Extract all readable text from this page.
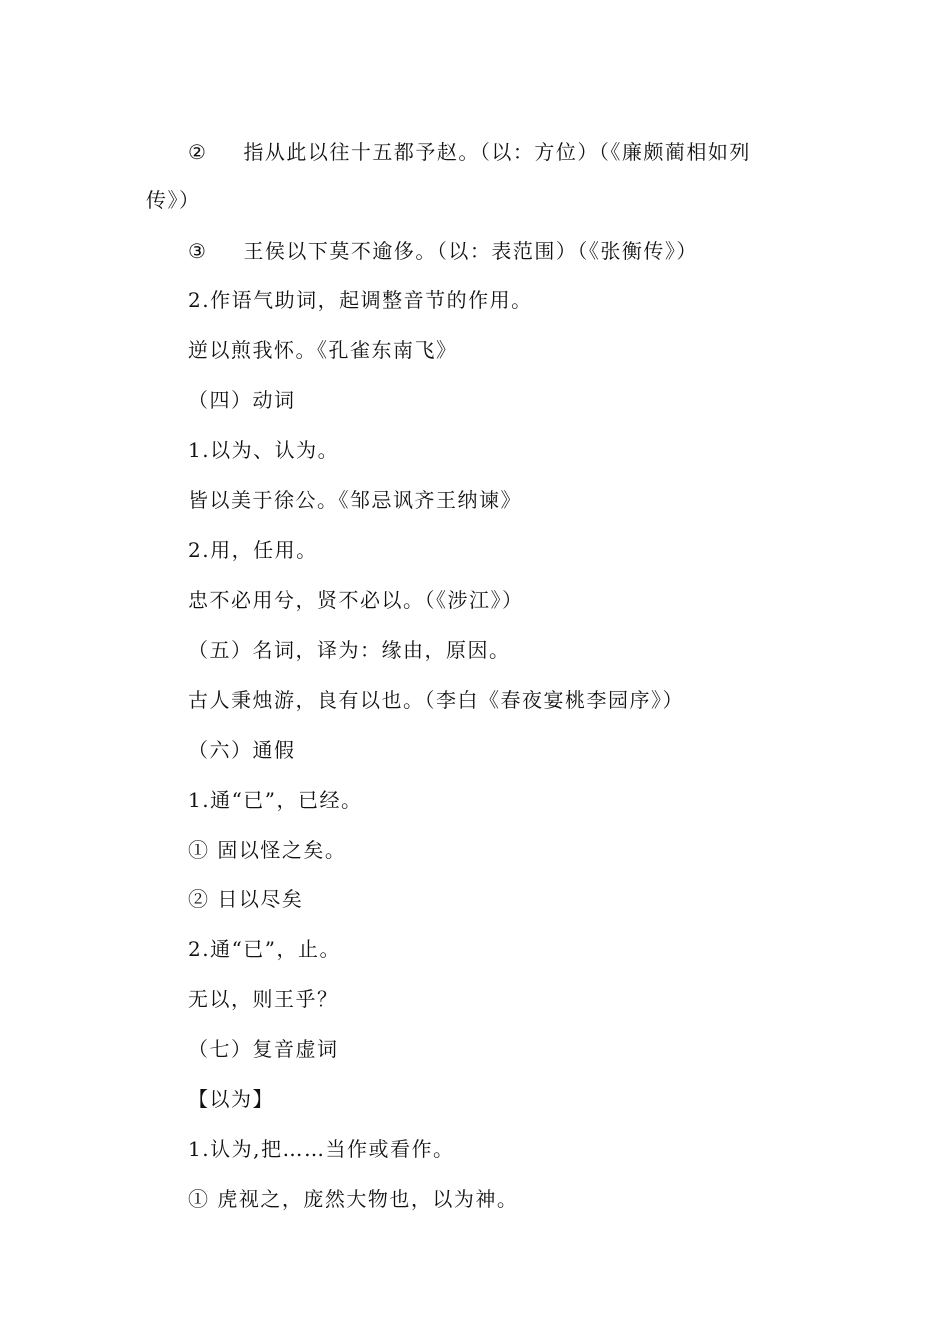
② 指从此以往十五都予赵。（以：方位）（《廉颇蔺相如列
传》）
③ 王侯以下莫不逾侈。（以：表范围）（《张衡传》）
2.作语气助词，起调整音节的作用。
逆以煎我怀。《孔雀东南飞》
（四）动词
1.以为、认为。
皆以美于徐公。《邹忌讽齐王纳谏》
2.用，任用。
忠不必用兮，贤不必以。（《涉江》）
（五）名词，译为：缘由，原因。
古人秉烛游，良有以也。（李白《春夜宴桃李园序》）
（六）通假
1.通“已”，已经。
① 固以怪之矣。
② 日以尽矣
2.通“已”，止。
无以，则王乎？
（七）复音虚词
【以为】
1.认为,把……当作或看作。
① 虎视之，庞然大物也，以为神。
